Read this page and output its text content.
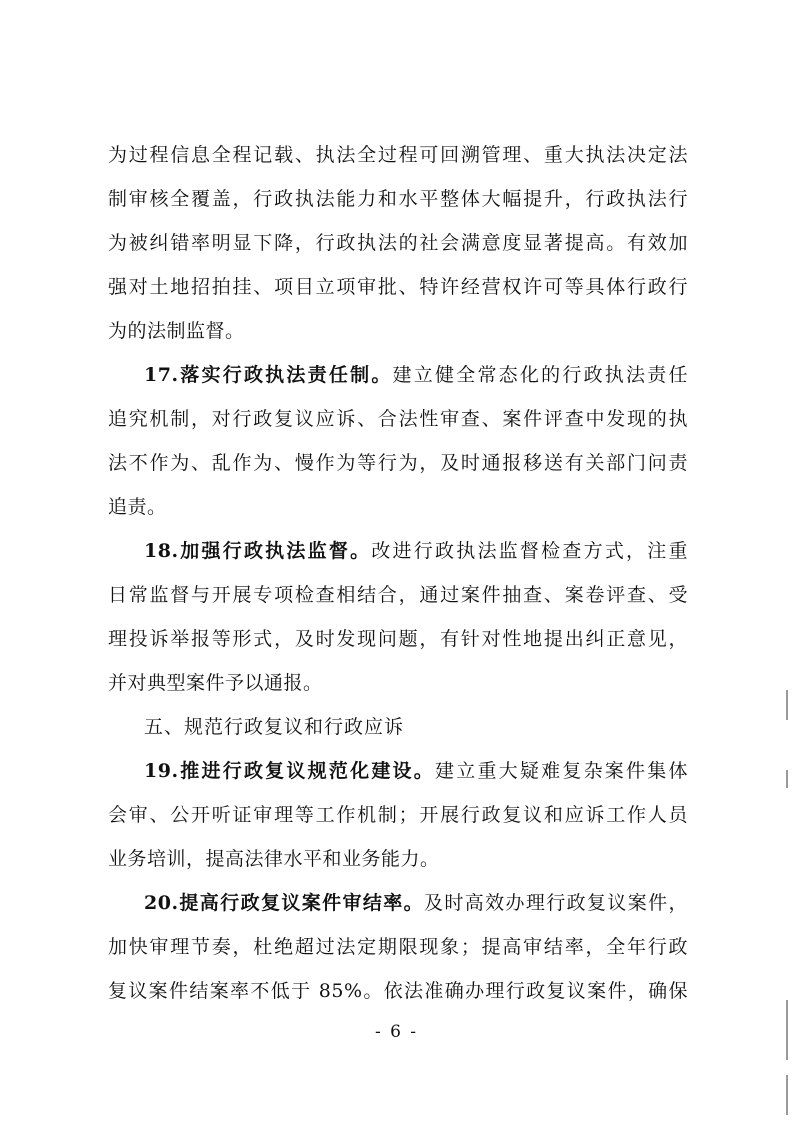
为过程信息全程记载、执法全过程可回溯管理、重大执法决定法
制审核全覆盖，行政执法能力和水平整体大幅提升，行政执法行
为被纠错率明显下降，行政执法的社会满意度显著提高。有效加
强对土地招拍挂、项目立项审批、特许经营权许可等具体行政行
为的法制监督。
17.落实行政执法责任制。建立健全常态化的行政执法责任
追究机制，对行政复议应诉、合法性审查、案件评查中发现的执
法不作为、乱作为、慢作为等行为，及时通报移送有关部门问责
追责。
18.加强行政执法监督。改进行政执法监督检查方式，注重
日常监督与开展专项检查相结合，通过案件抽查、案卷评查、受
理投诉举报等形式，及时发现问题，有针对性地提出纠正意见，
并对典型案件予以通报。
五、规范行政复议和行政应诉
19.推进行政复议规范化建设。建立重大疑难复杂案件集体
会审、公开听证审理等工作机制；开展行政复议和应诉工作人员
业务培训，提高法律水平和业务能力。
20.提高行政复议案件审结率。及时高效办理行政复议案件，
加快审理节奏，杜绝超过法定期限现象；提高审结率，全年行政
复议案件结案率不低于 85%。依法准确办理行政复议案件，确保
- 6 -
